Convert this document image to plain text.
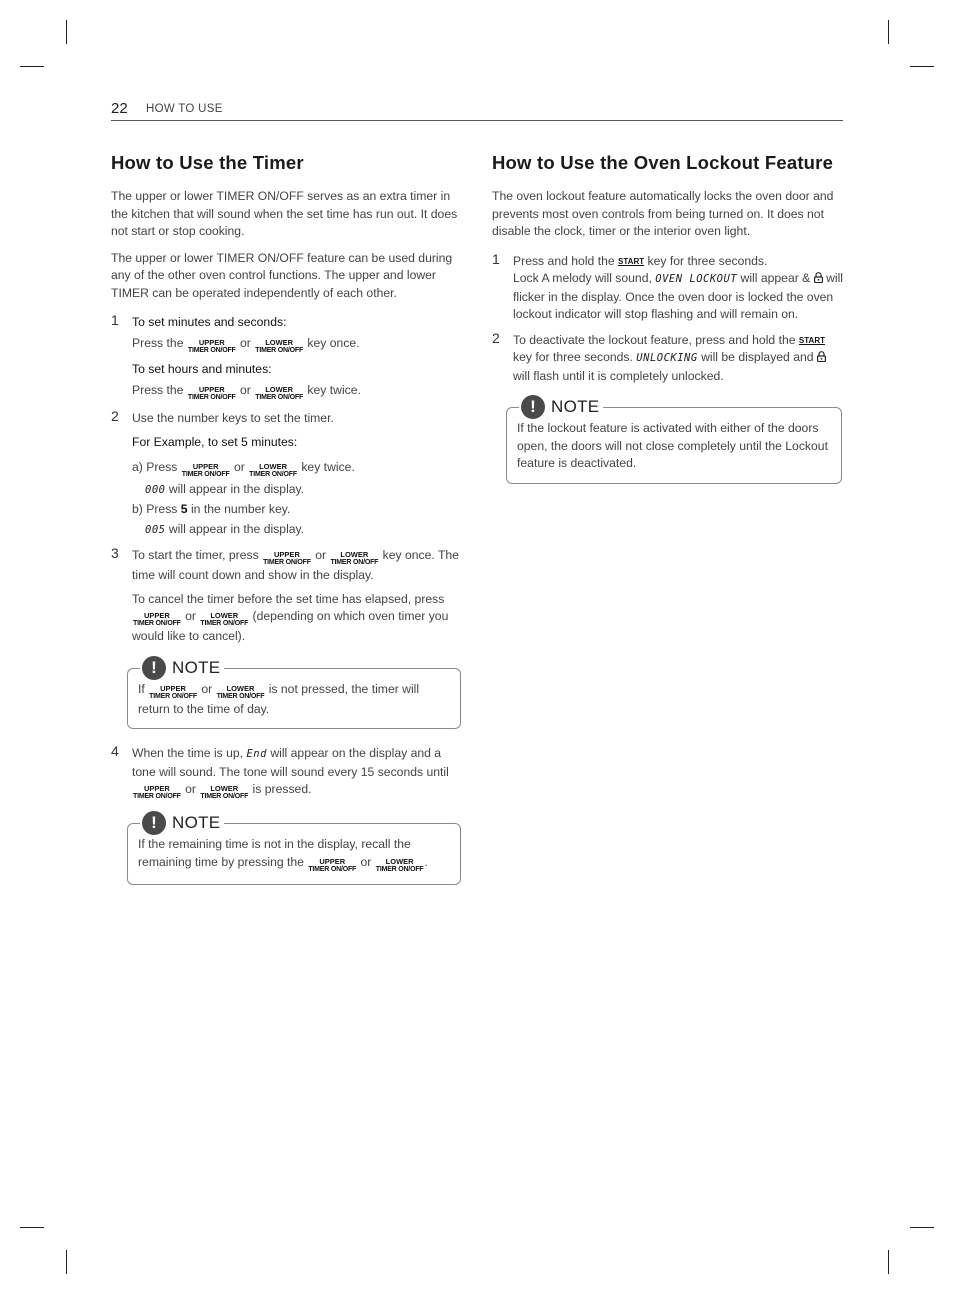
22 HOW TO USE
How to Use the Timer

The upper or lower TIMER ON/OFF serves as an extra timer in the kitchen that will sound when the set time has run out. It does not start or stop cooking.

The upper or lower TIMER ON/OFF feature can be used during any of the other oven control functions. The upper and lower TIMER can be operated independently of each other.

1 To set minutes and seconds:

Press the	UPPER
TIMER ON/OFF
or	LOWER
TIMER ON/OFF
key once.

To set hours and minutes:

Press the	UPPER
TIMER ON/OFF
or	LOWER
TIMER ON/OFF
key twice.

2 Use the number keys to set the timer.

For Example, to set 5 minutes:

a) Press	UPPER
TIMER ON/OFF
or	LOWER
TIMER ON/OFF
key twice.

000 will appear in the display.

b) Press 5 in the number key.

005 will appear in the display.

3 To start the timer, press	UPPER
TIMER ON/OFF
or	LOWER
TIMER ON/OFF
key once. The time will count down and show in the display.

To cancel the timer before the set time has elapsed, press
UPPER
TIMER ON/OFF
or	LOWER
TIMER ON/OFF
(depending on which oven timer you would like to cancel).

! NOTE

If	UPPER
TIMER ON/OFF
or	LOWER
TIMER ON/OFF
is not pressed, the timer will return to the time of day.

4 When the time is up, End will appear on the display and a tone will sound. The tone will sound every 15 seconds until
UPPER
TIMER ON/OFF
or	LOWER
TIMER ON/OFF
is pressed.

! NOTE

If the remaining time is not in the display, recall the remaining time by pressing the	UPPER
TIMER ON/OFF
or	LOWER
TIMER ON/OFF
.

How to Use the Oven Lockout Feature

The oven lockout feature automatically locks the oven door and prevents most oven controls from being turned on. It does not disable the clock, timer or the interior oven light.

1 Press and hold the START key for three seconds.

Lock A melody will sound, OVEN LOCKOUT will appear & will flicker in the display. Once the oven door is locked the oven lockout indicator will stop flashing and will remain on.

2 To deactivate the lockout feature, press and hold the START key for three seconds. UNLOCKING will be displayed and  will flash until it is completely unlocked.

! NOTE

If the lockout feature is activated with either of the doors open, the doors will not close completely until the Lockout feature is deactivated.
